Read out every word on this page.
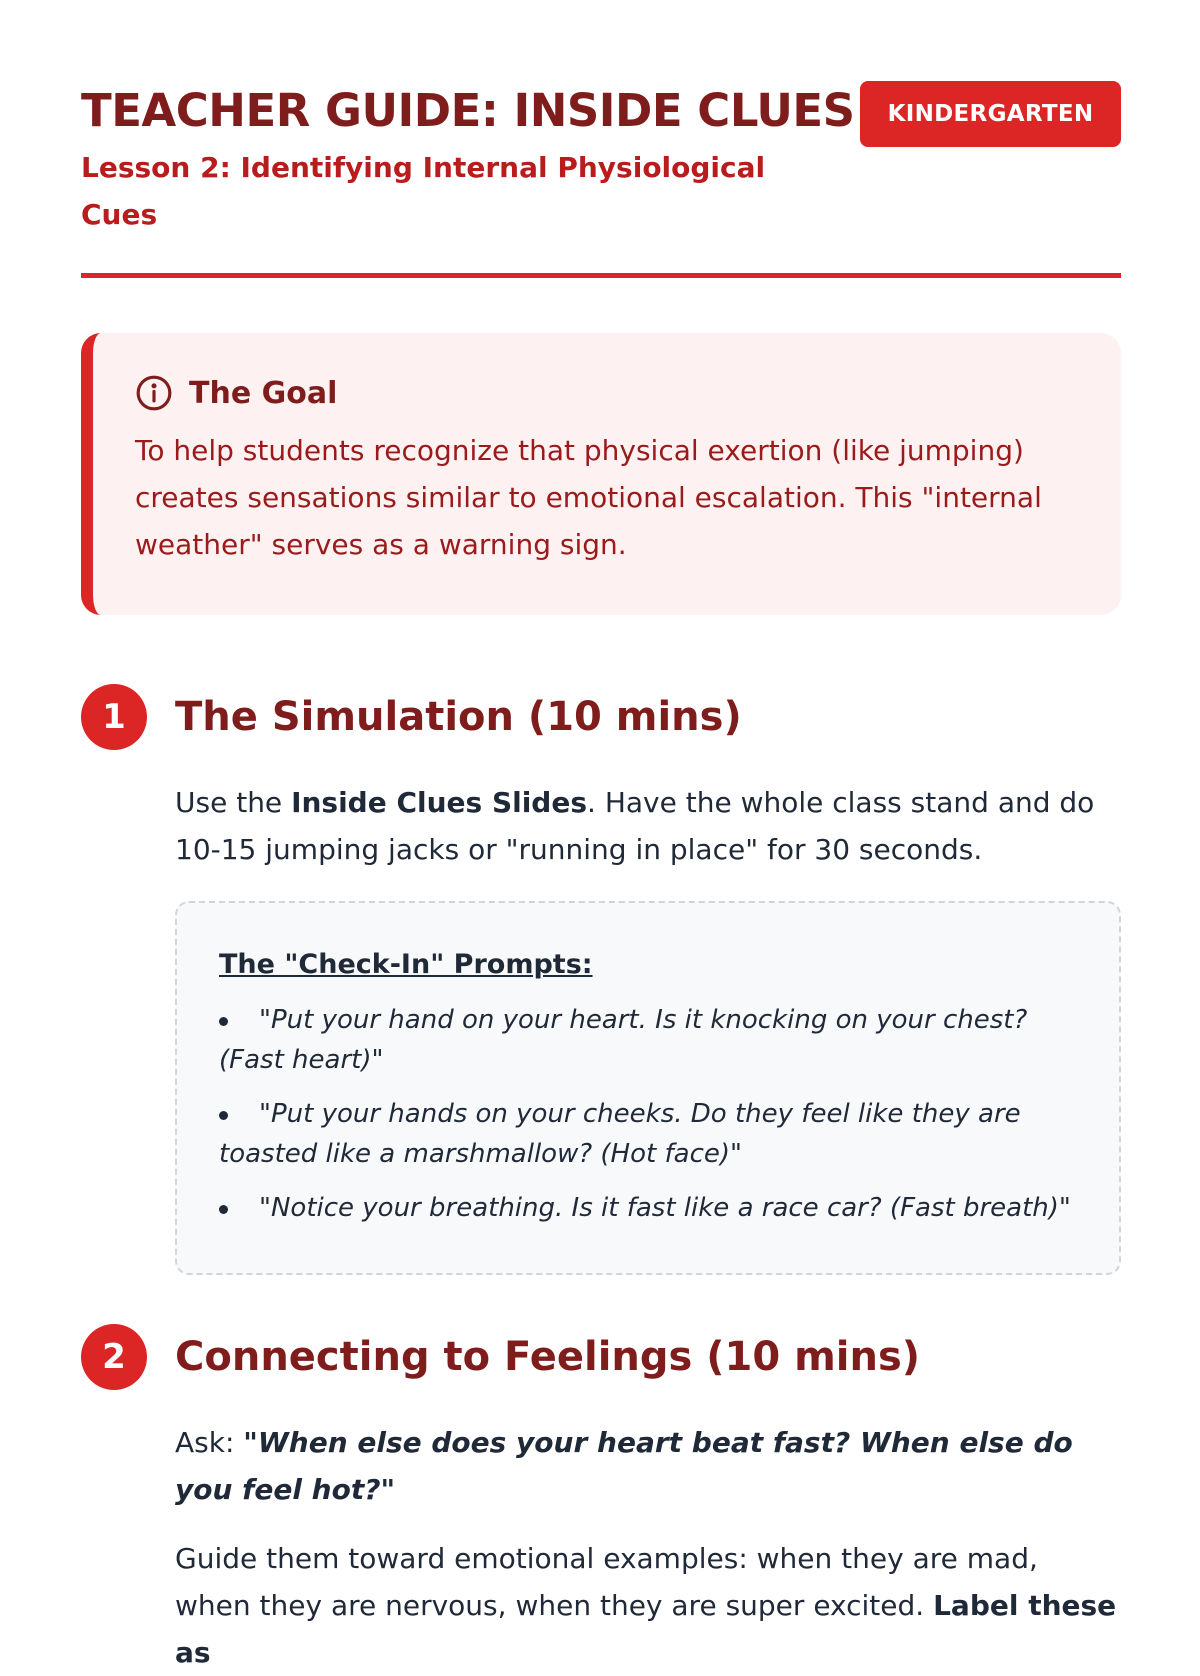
TEACHER GUIDE: INSIDE CLUES

Lesson 2: Identifying Internal Physiological Cues

KINDERGARTEN
The Goal
To help students recognize that physical exertion (like jumping) creates sensations similar to emotional escalation. This "internal weather" serves as a warning sign.
1	The Simulation (10 mins)

Use the Inside Clues Slides. Have the whole class stand and do 10-15 jumping jacks or "running in place" for 30 seconds.

The "Check-In" Prompts:
"Put your hand on your heart. Is it knocking on your chest? (Fast heart)"
"Put your hands on your cheeks. Do they feel like they are toasted like a marshmallow? (Hot face)"
"Notice your breathing. Is it fast like a race car? (Fast breath)"
2	Connecting to Feelings (10 mins)

Ask: "When else does your heart beat fast? When else do you feel hot?"

Guide them toward emotional examples: when they are mad, when they are nervous, when they are super excited. Label these as
